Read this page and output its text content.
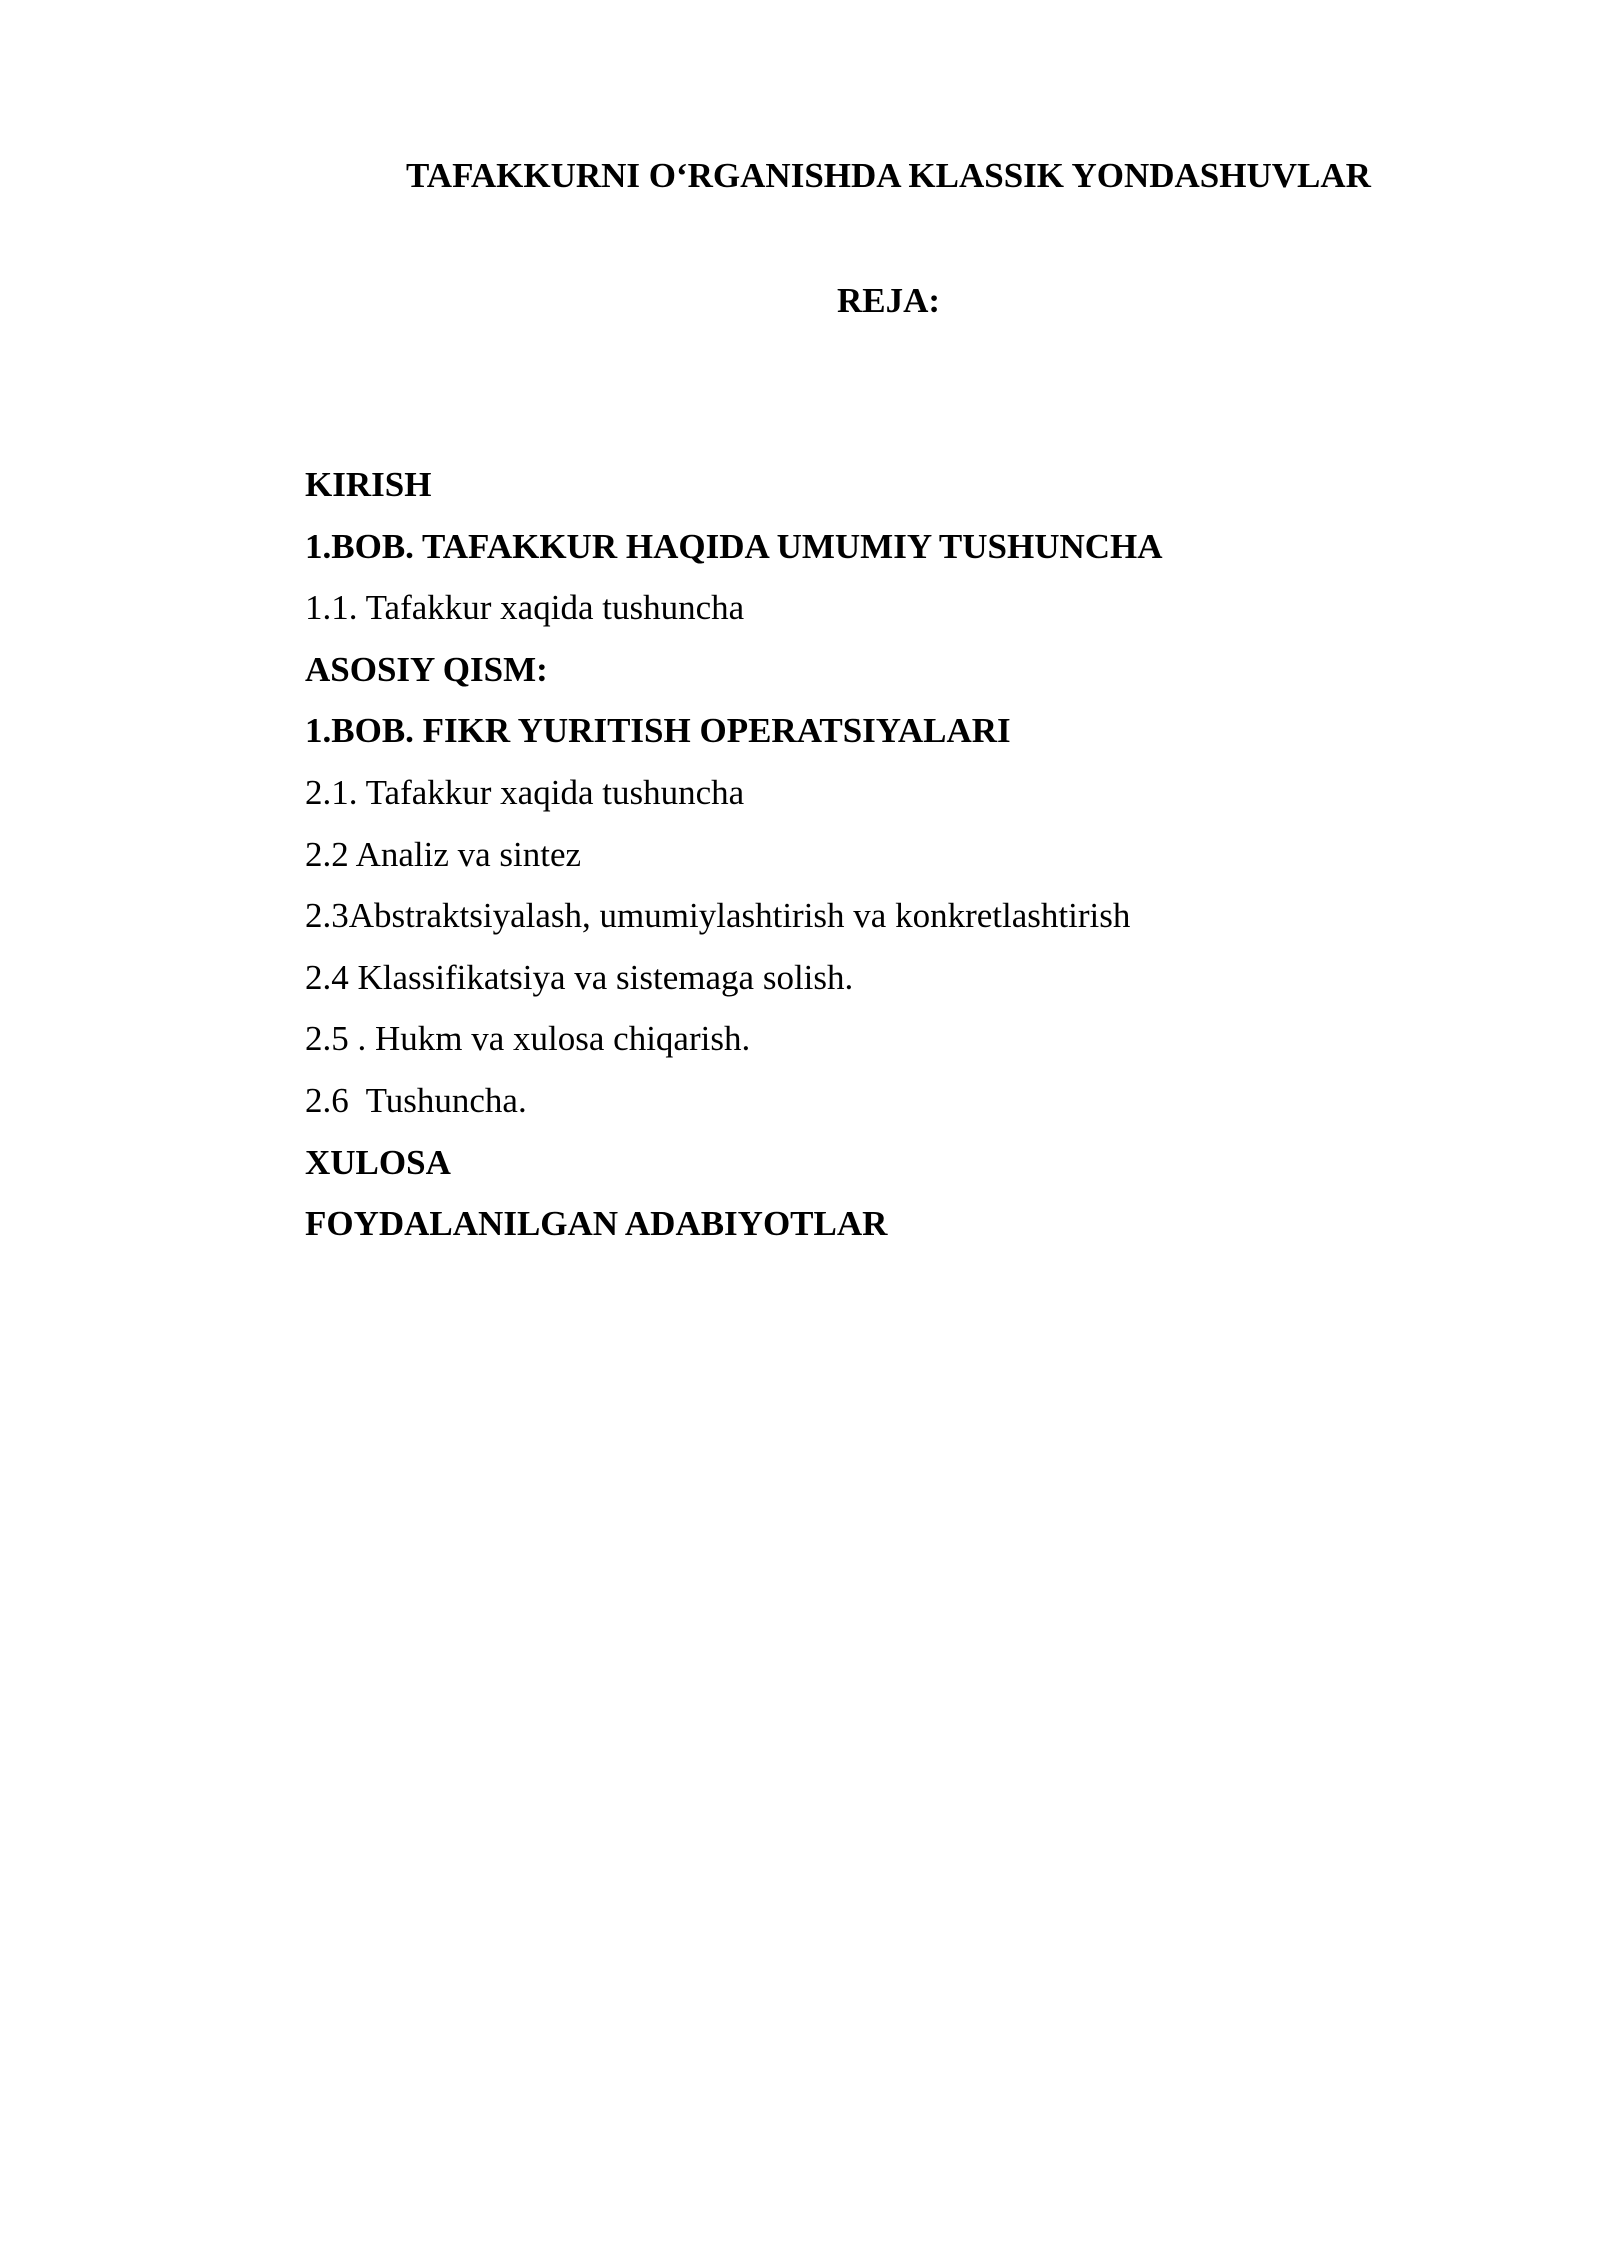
TAFAKKURNI O‘RGANISHDA KLASSIK YONDASHUVLAR
REJA:
KIRISH
1.BOB. TAFAKKUR HAQIDA UMUMIY TUSHUNCHA
1.1. Tafakkur xaqida tushuncha
ASOSIY QISM:
1.BOB. FIKR YURITISH OPERATSIYALARI
2.1. Tafakkur xaqida tushuncha
2.2 Analiz va sintez
2.3Abstraktsiyalash, umumiylashtirish va konkretlashtirish
2.4 Klassifikatsiya va sistemaga solish.
2.5 . Hukm va xulosa chiqarish.
2.6  Tushuncha.
XULOSA
FOYDALANILGAN ADABIYOTLAR
